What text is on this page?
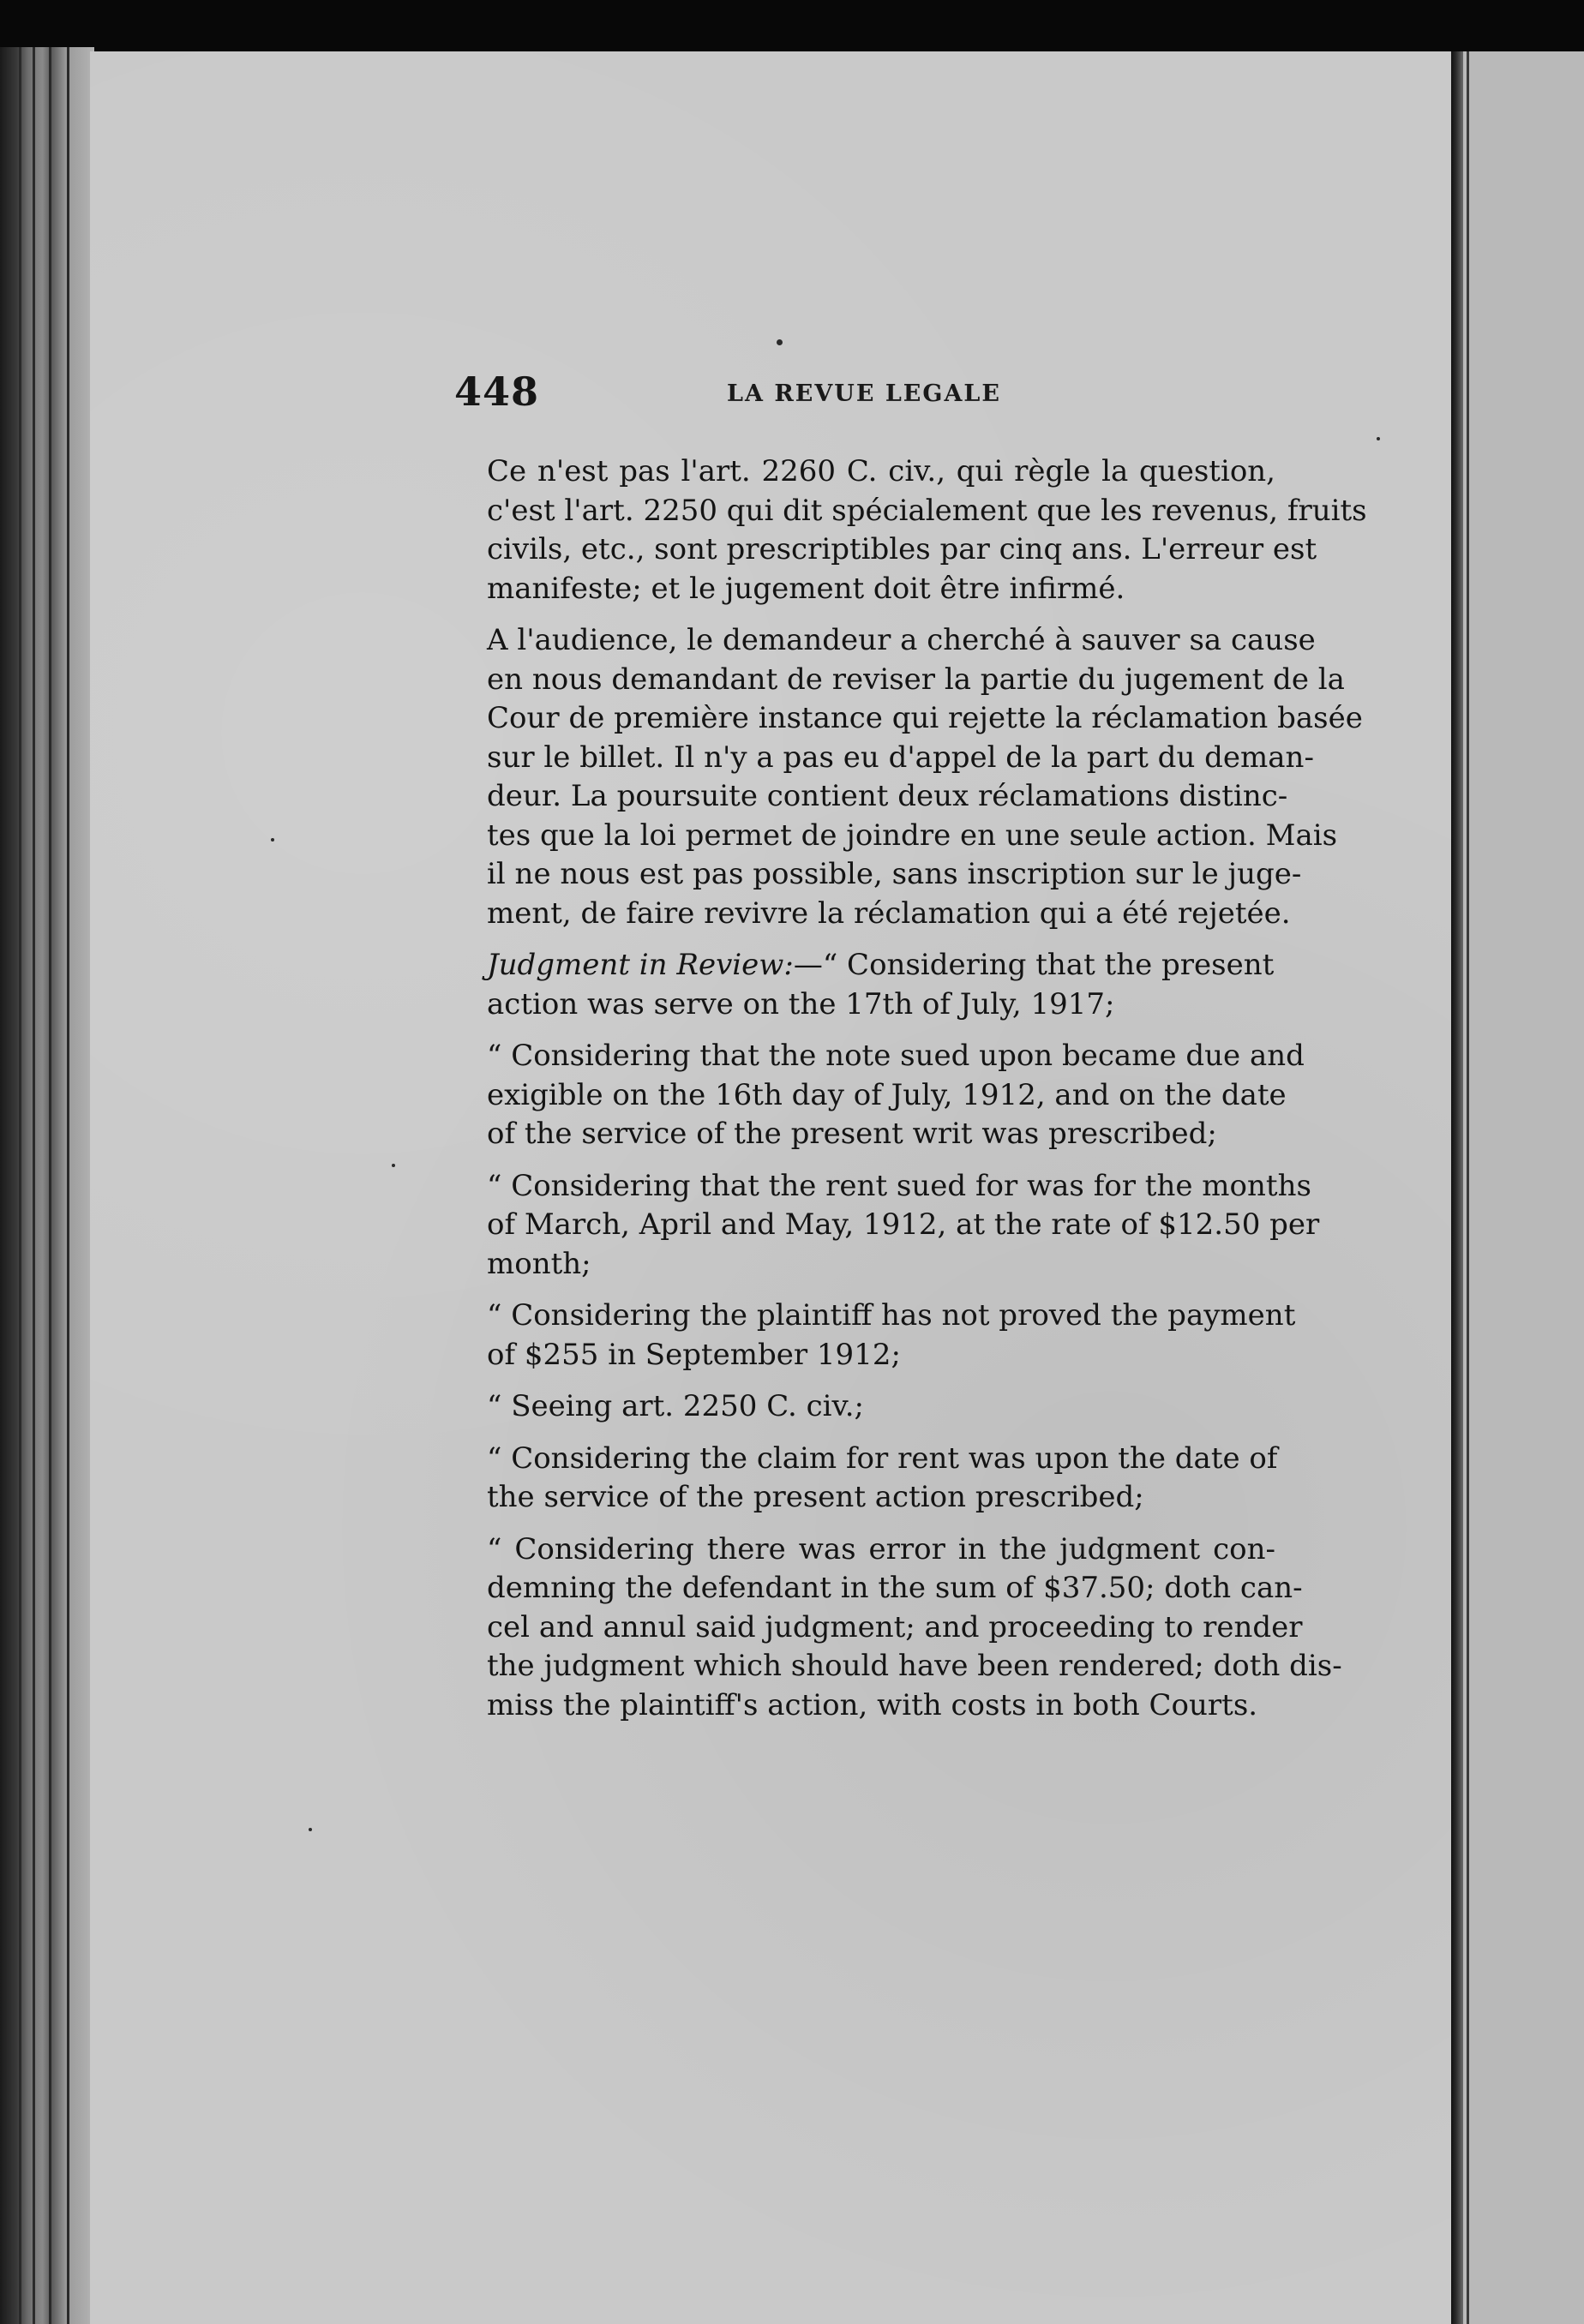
448	LA REVUE LEGALE

Ce n'est pas l'art. 2260 C. civ., qui règle la question,
c'est l'art. 2250 qui dit spécialement que les revenus, fruits
civils, etc., sont prescriptibles par cinq ans. L'erreur est
manifeste; et le jugement doit être infirmé.

A l'audience, le demandeur a cherché à sauver sa cause
en nous demandant de reviser la partie du jugement de la
Cour de première instance qui rejette la réclamation basée
sur le billet. Il n'y a pas eu d'appel de la part du deman-
deur. La poursuite contient deux réclamations distinc-
tes que la loi permet de joindre en une seule action. Mais
il ne nous est pas possible, sans inscription sur le juge-
ment, de faire revivre la réclamation qui a été rejetée.

Judgment in Review:—“ Considering that the present
action was serve on the 17th of July, 1917;

“ Considering that the note sued upon became due and
exigible on the 16th day of July, 1912, and on the date
of the service of the present writ was prescribed;

“ Considering that the rent sued for was for the months
of March, April and May, 1912, at the rate of $12.50 per
month;

“ Considering the plaintiff has not proved the payment
of $255 in September 1912;

“ Seeing art. 2250 C. civ.;

“ Considering the claim for rent was upon the date of
the service of the present action prescribed;

“ Considering there was error in the judgment con-
demning the defendant in the sum of $37.50; doth can-
cel and annul said judgment; and proceeding to render
the judgment which should have been rendered; doth dis-
miss the plaintiff's action, with costs in both Courts.
